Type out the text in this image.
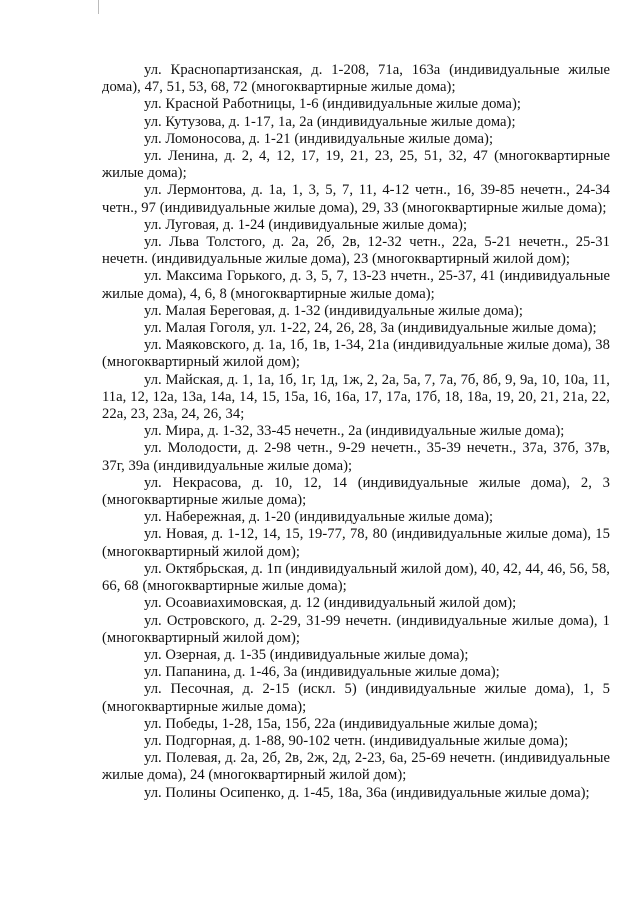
ул. Краснопартизанская, д. 1-208, 71а, 163а (индивидуальные жилые дома), 47, 51, 53, 68, 72 (многоквартирные жилые дома);

ул. Красной Работницы, 1-6 (индивидуальные жилые дома);

ул. Кутузова, д. 1-17, 1а, 2а (индивидуальные жилые дома);

ул. Ломоносова, д. 1-21 (индивидуальные жилые дома);

ул. Ленина, д. 2, 4, 12, 17, 19, 21, 23, 25, 51, 32, 47 (многоквартирные жилые дома);

ул. Лермонтова, д. 1а, 1, 3, 5, 7, 11, 4-12 четн., 16, 39-85 нечетн., 24-34 четн., 97 (индивидуальные жилые дома), 29, 33 (многоквартирные жилые дома);

ул. Луговая, д. 1-24 (индивидуальные жилые дома);

ул. Льва Толстого, д. 2а, 2б, 2в, 12-32 четн., 22а, 5-21 нечетн., 25-31 нечетн. (индивидуальные жилые дома), 23 (многоквартирный жилой дом);

ул. Максима Горького, д. 3, 5, 7, 13-23 нчетн., 25-37, 41 (индивидуальные жилые дома), 4, 6, 8 (многоквартирные жилые дома);

ул. Малая Береговая, д. 1-32 (индивидуальные жилые дома);

ул. Малая Гоголя, ул. 1-22, 24, 26, 28, 3а (индивидуальные жилые дома);

ул. Маяковского, д. 1а, 1б, 1в, 1-34, 21а (индивидуальные жилые дома), 38 (многоквартирный жилой дом);

ул. Майская, д. 1, 1а, 1б, 1г, 1д, 1ж, 2, 2а, 5а, 7, 7а, 7б, 8б, 9, 9а, 10, 10а, 11, 11а, 12, 12а, 13а, 14а, 14, 15, 15а, 16, 16а, 17, 17а, 17б, 18, 18а, 19, 20, 21, 21а, 22, 22а, 23, 23а, 24, 26, 34;

ул. Мира, д. 1-32, 33-45 нечетн., 2а (индивидуальные жилые дома);

ул. Молодости, д. 2-98 четн., 9-29 нечетн., 35-39 нечетн., 37а, 37б, 37в, 37г, 39а (индивидуальные жилые дома);

ул. Некрасова, д. 10, 12, 14 (индивидуальные жилые дома), 2, 3 (многоквартирные жилые дома);

ул. Набережная, д. 1-20 (индивидуальные жилые дома);

ул. Новая, д. 1-12, 14, 15, 19-77, 78, 80 (индивидуальные жилые дома), 15 (многоквартирный жилой дом);

ул. Октябрьская, д. 1п (индивидуальный жилой дом), 40, 42, 44, 46, 56, 58, 66, 68 (многоквартирные жилые дома);

ул. Осоавиахимовская, д. 12 (индивидуальный жилой дом);

ул. Островского, д. 2-29, 31-99 нечетн. (индивидуальные жилые дома), 1 (многоквартирный жилой дом);

ул. Озерная, д. 1-35 (индивидуальные жилые дома);

ул. Папанина, д. 1-46, 3а (индивидуальные жилые дома);

ул. Песочная, д. 2-15 (искл. 5) (индивидуальные жилые дома), 1, 5 (многоквартирные жилые дома);

ул. Победы, 1-28, 15а, 15б, 22а (индивидуальные жилые дома);

ул. Подгорная, д. 1-88, 90-102 четн. (индивидуальные жилые дома);

ул. Полевая, д. 2а, 2б, 2в, 2ж, 2д, 2-23, 6а, 25-69 нечетн. (индивидуальные жилые дома), 24 (многоквартирный жилой дом);

ул. Полины Осипенко, д. 1-45, 18а, 36а (индивидуальные жилые дома);
